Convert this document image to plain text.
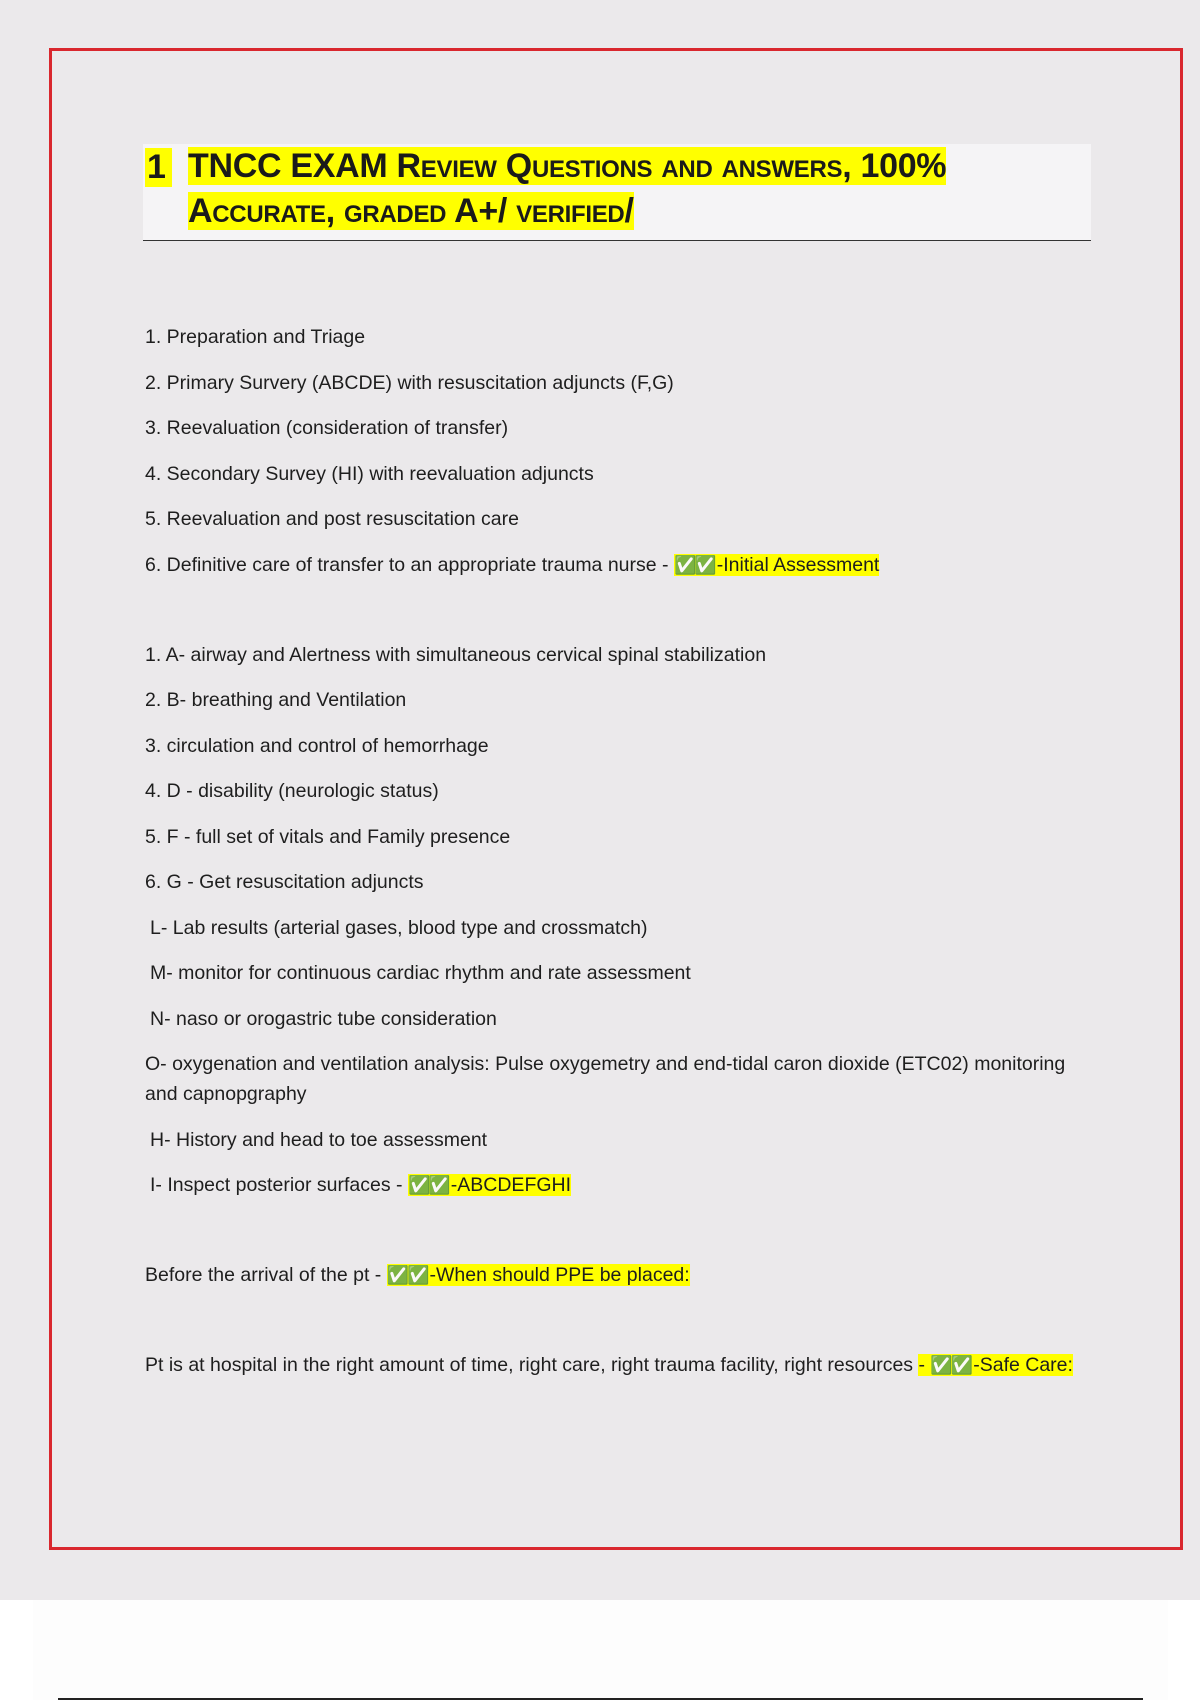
1 TNCC EXAM Review Questions and answers, 100%
Accurate, graded A+/ verified/

1. Preparation and Triage

2. Primary Survery (ABCDE) with resuscitation adjuncts (F,G)

3. Reevaluation (consideration of transfer)

4. Secondary Survey (HI) with reevaluation adjuncts

5. Reevaluation and post resuscitation care

6. Definitive care of transfer to an appropriate trauma nurse - ✅✅ -Initial Assessment

1. A- airway and Alertness with simultaneous cervical spinal stabilization

2. B- breathing and Ventilation

3. circulation and control of hemorrhage

4. D - disability (neurologic status)

5. F - full set of vitals and Family presence

6. G - Get resuscitation adjuncts

L- Lab results (arterial gases, blood type and crossmatch)

M- monitor for continuous cardiac rhythm and rate assessment

N- naso or orogastric tube consideration

O- oxygenation and ventilation analysis: Pulse oxygemetry and end-tidal caron dioxide (ETC02) monitoring and capnopgraphy

H- History and head to toe assessment

I- Inspect posterior surfaces - ✅✅ -ABCDEFGHI

Before the arrival of the pt - ✅✅ -When should PPE be placed:

Pt is at hospital in the right amount of time, right care, right trauma facility, right resources - ✅✅ -Safe Care:
